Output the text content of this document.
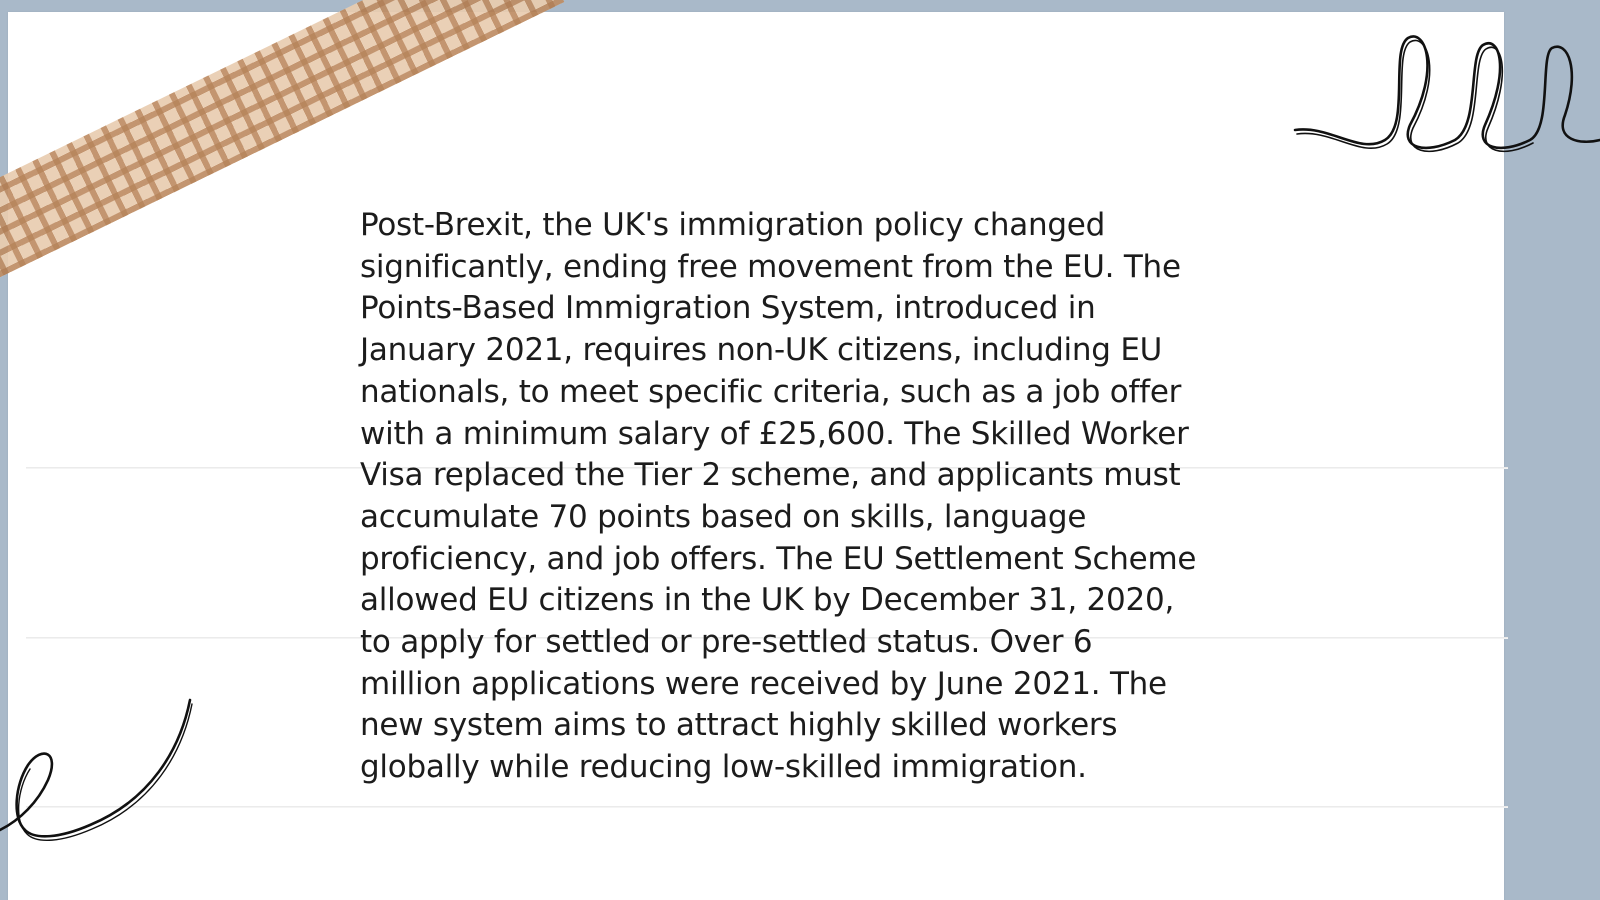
Post-Brexit, the UK's immigration policy changed
significantly, ending free movement from the EU. The
Points-Based Immigration System, introduced in
January 2021, requires non-UK citizens, including EU
nationals, to meet specific criteria, such as a job offer
with a minimum salary of £25,600. The Skilled Worker
Visa replaced the Tier 2 scheme, and applicants must
accumulate 70 points based on skills, language
proficiency, and job offers. The EU Settlement Scheme
allowed EU citizens in the UK by December 31, 2020,
to apply for settled or pre-settled status. Over 6
million applications were received by June 2021. The
new system aims to attract highly skilled workers
globally while reducing low-skilled immigration.
